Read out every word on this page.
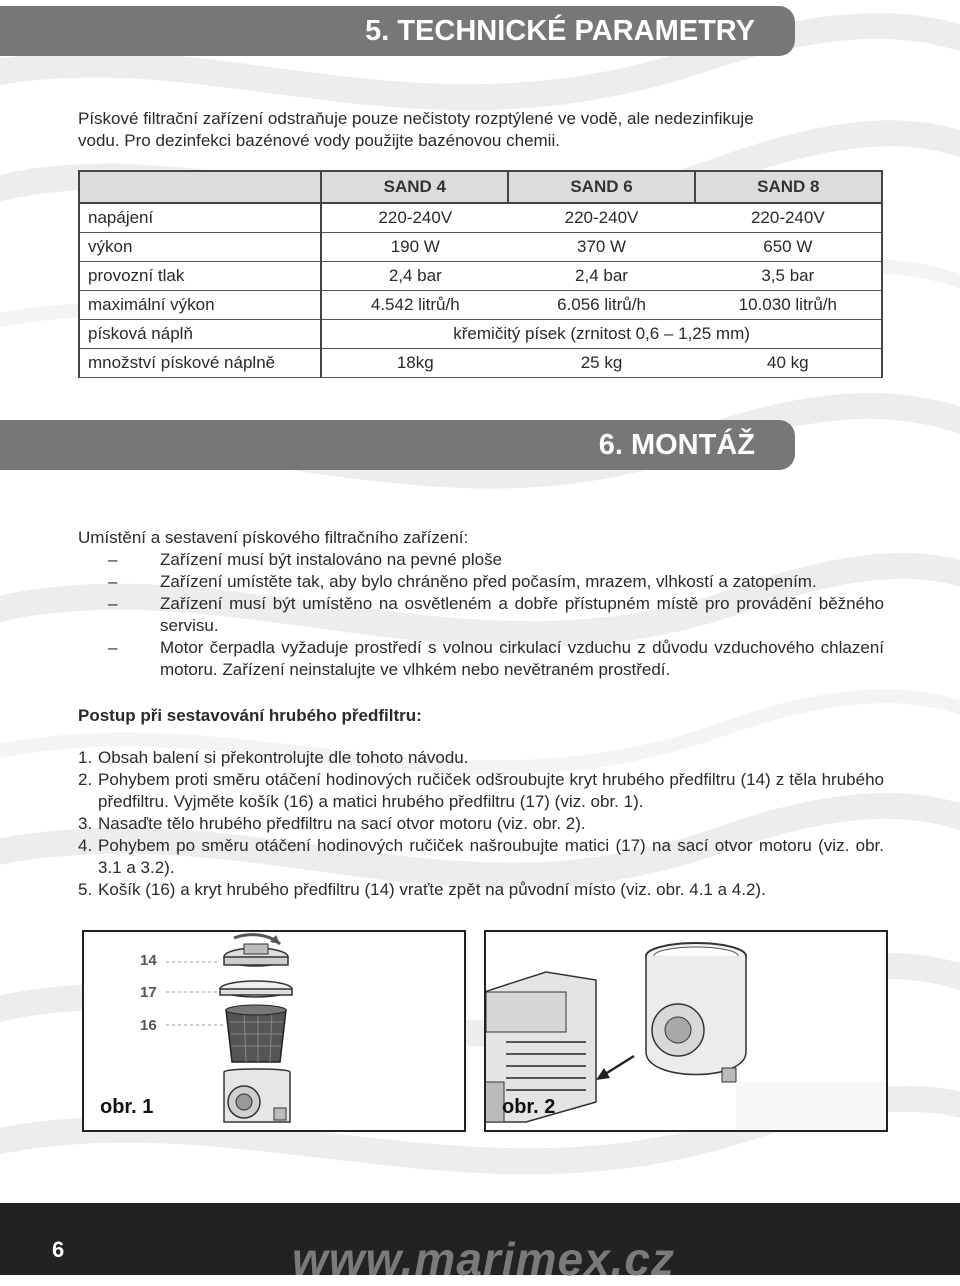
5. TECHNICKÉ PARAMETRY

Pískové filtrační zařízení odstraňuje pouze nečistoty rozptýlené ve vodě, ale nedezinfikuje vodu. Pro dezinfekci bazénové vody použijte bazénovou chemii.

	SAND 4	SAND 6	SAND 8
napájení	220-240V	220-240V	220-240V
výkon	190 W	370 W	650 W
provozní tlak	2,4 bar	2,4 bar	3,5 bar
maximální výkon	4.542 litrů/h	6.056 litrů/h	10.030 litrů/h
písková náplň	křemičitý písek (zrnitost 0,6 – 1,25 mm)		
množství pískové náplně	18kg	25 kg	40 kg
6. MONTÁŽ

Umístění a sestavení pískového filtračního zařízení:

–	Zařízení musí být instalováno na pevné ploše
–	Zařízení umístěte tak, aby bylo chráněno před počasím, mrazem, vlhkostí a zatopením.
–	Zařízení musí být umístěno na osvětleném a dobře přístupném místě pro provádění běžného servisu.
–	Motor čerpadla vyžaduje prostředí s volnou cirkulací vzduchu z důvodu vzduchového chlazení motoru. Zařízení neinstalujte ve vlhkém nebo nevětraném prostředí.
Postup při sestavování hrubého předfiltru:
1. Obsah balení si překontrolujte dle tohoto návodu.
2. Pohybem proti směru otáčení hodinových ručiček odšroubujte kryt hrubého předfiltru (14) z těla hrubého předfiltru. Vyjměte košík (16) a matici hrubého předfiltru (17) (viz. obr. 1).
3. Nasaďte tělo hrubého předfiltru na sací otvor motoru (viz. obr. 2).
4. Pohybem po směru otáčení hodinových ručiček našroubujte matici (17) na sací otvor motoru (viz. obr. 3.1 a 3.2).
5. Košík (16) a kryt hrubého předfiltru (14) vraťte zpět na původní místo (viz. obr. 4.1 a 4.2).
14
17
16
obr. 1	obr. 2
6	www.marimex.cz
